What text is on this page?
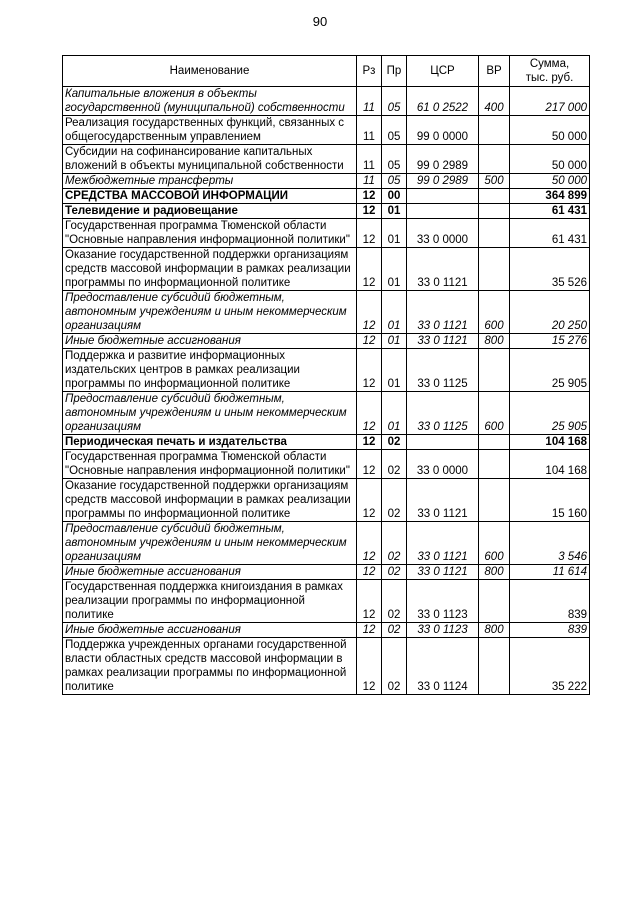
90
Наименование	Рз	Пр	ЦСР	ВР	Сумма,
тыс. руб.

Капитальные вложения в объекты государственной (муниципальной) собственности	11	05	61 0 2522	400	217 000
Реализация государственных функций, связанных с общегосударственным управлением	11	05	99 0 0000		50 000
Субсидии на софинансирование капитальных вложений в объекты муниципальной собственности	11	05	99 0 2989		50 000
Межбюджетные трансферты	11	05	99 0 2989	500	50 000
СРЕДСТВА МАССОВОЙ ИНФОРМАЦИИ	12	00			364 899
Телевидение и радиовещание	12	01			61 431
Государственная программа Тюменской области "Основные направления информационной политики"	12	01	33 0 0000		61 431
Оказание государственной поддержки организациям средств массовой информации в рамках реализации программы по информационной политике	12	01	33 0 1121		35 526
Предоставление субсидий бюджетным, автономным учреждениям и иным некоммерческим организациям	12	01	33 0 1121	600	20 250
Иные бюджетные ассигнования	12	01	33 0 1121	800	15 276
Поддержка и развитие информационных издательских центров в рамках реализации программы по информационной политике	12	01	33 0 1125		25 905
Предоставление субсидий бюджетным, автономным учреждениям и иным некоммерческим организациям	12	01	33 0 1125	600	25 905
Периодическая печать и издательства	12	02			104 168
Государственная программа Тюменской области "Основные направления информационной политики"	12	02	33 0 0000		104 168
Оказание государственной поддержки организациям средств массовой информации в рамках реализации программы по информационной политике	12	02	33 0 1121		15 160
Предоставление субсидий бюджетным, автономным учреждениям и иным некоммерческим организациям	12	02	33 0 1121	600	3 546
Иные бюджетные ассигнования	12	02	33 0 1121	800	11 614
Государственная поддержка книгоиздания в рамках реализации программы по информационной политике	12	02	33 0 1123		839
Иные бюджетные ассигнования	12	02	33 0 1123	800	839
Поддержка учрежденных органами государственной власти областных средств массовой информации в рамках реализации программы по информационной политике	12	02	33 0 1124		35 222
